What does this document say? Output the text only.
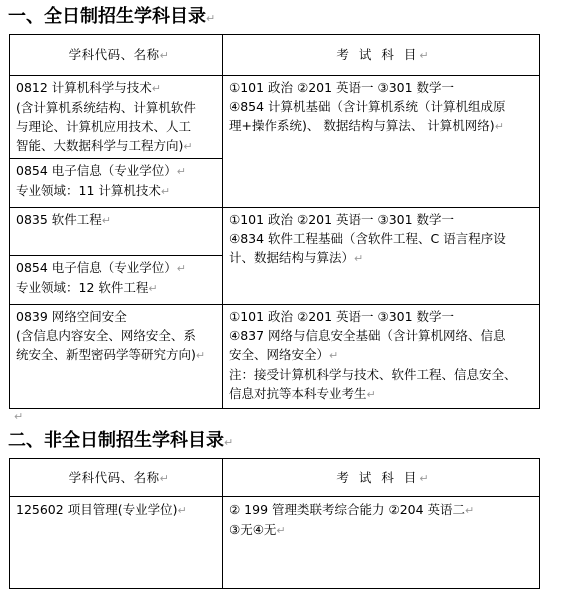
一、全日制招生学科目录↵
学科代码、名称↵	考 试 科 目↵

0812 计算机科学与技术↵
(含计算机系统结构、计算机软件
与理论、计算机应用技术、人工
智能、大数据科学与工程方向)↵	①101 政治 ②201 英语一 ③301 数学一
④854 计算机基础（含计算机系统（计算机组成原
理+操作系统)、 数据结构与算法、 计算机网络)↵

0854 电子信息（专业学位）↵
专业领域：11 计算机技术↵	

0835 软件工程↵	①101 政治 ②201 英语一 ③301 数学一
④834 软件工程基础（含软件工程、C 语言程序设
计、数据结构与算法）↵

0854 电子信息（专业学位）↵
专业领域：12 软件工程↵	

0839 网络空间安全
(含信息内容安全、网络安全、系
统安全、新型密码学等研究方向)↵	①101 政治 ②201 英语一 ③301 数学一
④837 网络与信息安全基础（含计算机网络、信息
安全、网络安全）↵
注：接受计算机科学与技术、软件工程、信息安全、
信息对抗等本科专业考生↵
↵
二、非全日制招生学科目录↵
学科代码、名称↵	考 试 科 目↵

125602 项目管理(专业学位)↵	② 199 管理类联考综合能力 ②204 英语二↵
③无④无↵
